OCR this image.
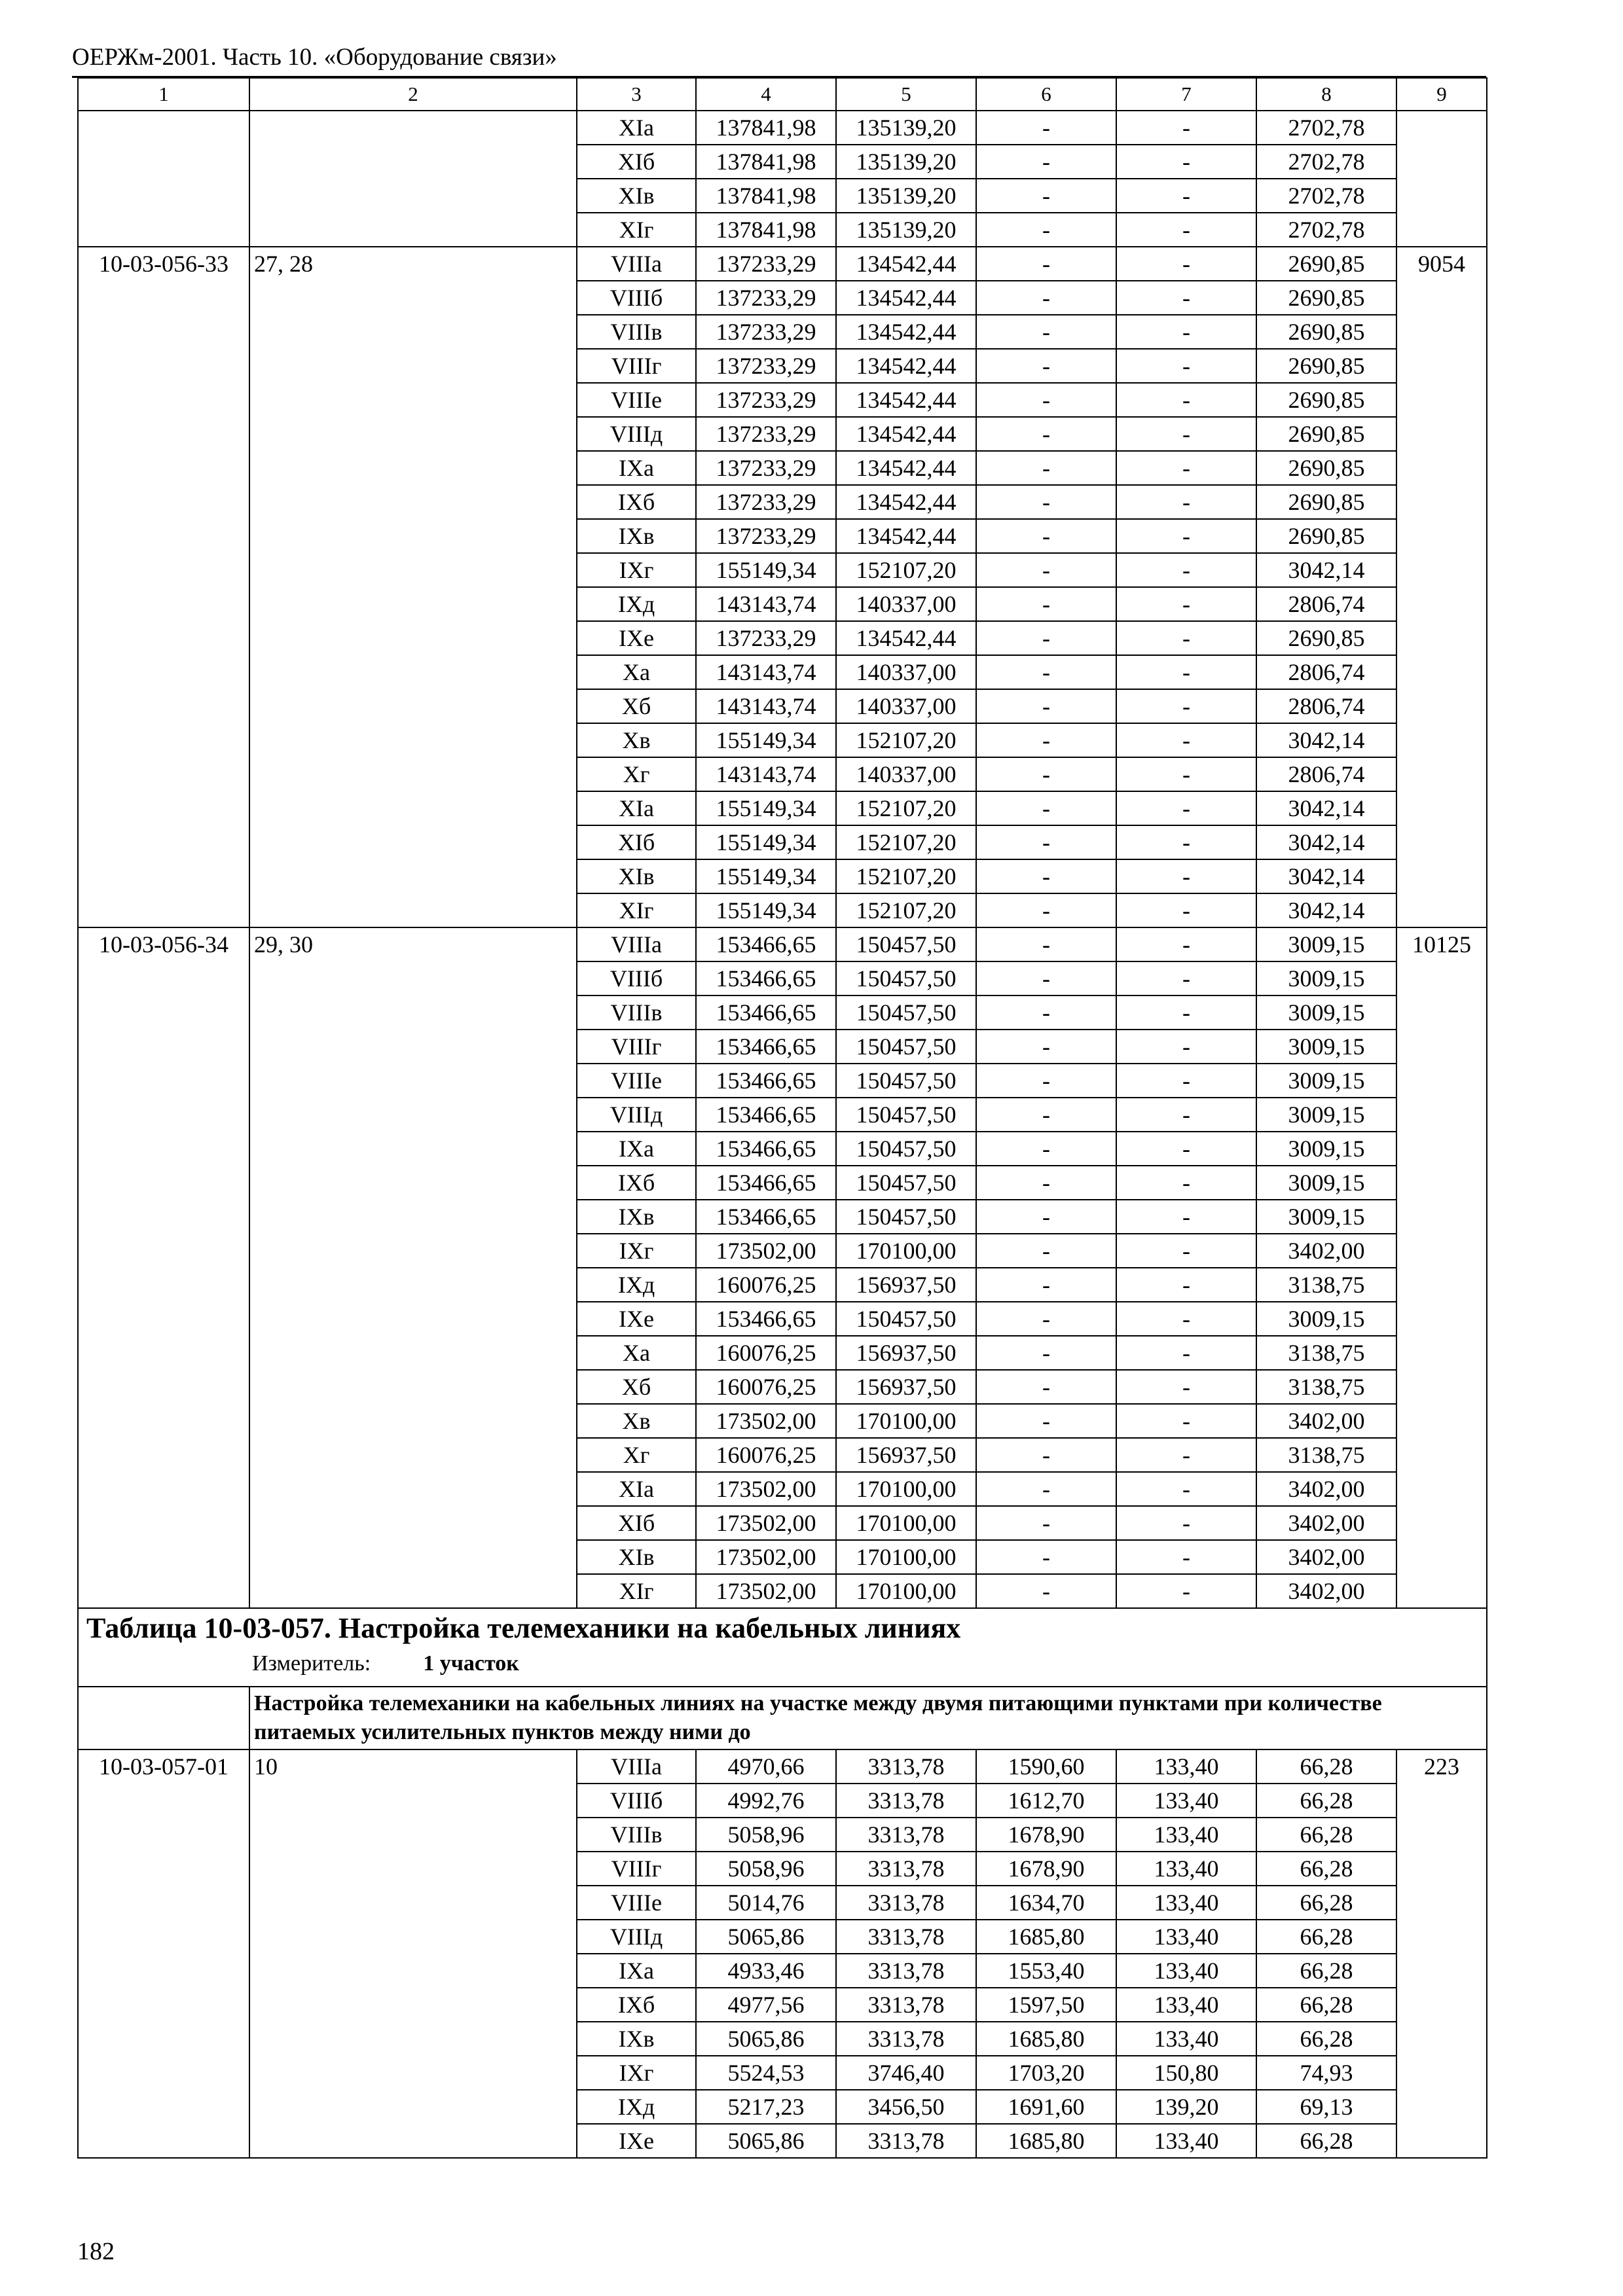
ОЕРЖм-2001. Часть 10. «Оборудование связи»
1	2	3	4	5	6	7	8	9
		XIa	137841,98	135139,20	-	-	2702,78	
		XIб	137841,98	135139,20	-	-	2702,78	
		XIв	137841,98	135139,20	-	-	2702,78	
		XIг	137841,98	135139,20	-	-	2702,78	
10-03-056-33	27, 28	VIIIa	137233,29	134542,44	-	-	2690,85	9054
		VIIIб	137233,29	134542,44	-	-	2690,85	
		VIIIв	137233,29	134542,44	-	-	2690,85	
		VIIIг	137233,29	134542,44	-	-	2690,85	
		VIIIe	137233,29	134542,44	-	-	2690,85	
		VIIIд	137233,29	134542,44	-	-	2690,85	
		IXa	137233,29	134542,44	-	-	2690,85	
		IXб	137233,29	134542,44	-	-	2690,85	
		IXв	137233,29	134542,44	-	-	2690,85	
		IXг	155149,34	152107,20	-	-	3042,14	
		IXд	143143,74	140337,00	-	-	2806,74	
		IXe	137233,29	134542,44	-	-	2690,85	
		Xa	143143,74	140337,00	-	-	2806,74	
		Xб	143143,74	140337,00	-	-	2806,74	
		Xв	155149,34	152107,20	-	-	3042,14	
		Xг	143143,74	140337,00	-	-	2806,74	
		XIa	155149,34	152107,20	-	-	3042,14	
		XIб	155149,34	152107,20	-	-	3042,14	
		XIв	155149,34	152107,20	-	-	3042,14	
		XIг	155149,34	152107,20	-	-	3042,14	
10-03-056-34	29, 30	VIIIa	153466,65	150457,50	-	-	3009,15	10125
		VIIIб	153466,65	150457,50	-	-	3009,15	
		VIIIв	153466,65	150457,50	-	-	3009,15	
		VIIIг	153466,65	150457,50	-	-	3009,15	
		VIIIe	153466,65	150457,50	-	-	3009,15	
		VIIIд	153466,65	150457,50	-	-	3009,15	
		IXa	153466,65	150457,50	-	-	3009,15	
		IXб	153466,65	150457,50	-	-	3009,15	
		IXв	153466,65	150457,50	-	-	3009,15	
		IXг	173502,00	170100,00	-	-	3402,00	
		IXд	160076,25	156937,50	-	-	3138,75	
		IXe	153466,65	150457,50	-	-	3009,15	
		Xa	160076,25	156937,50	-	-	3138,75	
		Xб	160076,25	156937,50	-	-	3138,75	
		Xв	173502,00	170100,00	-	-	3402,00	
		Xг	160076,25	156937,50	-	-	3138,75	
		XIa	173502,00	170100,00	-	-	3402,00	
		XIб	173502,00	170100,00	-	-	3402,00	
		XIв	173502,00	170100,00	-	-	3402,00	
		XIг	173502,00	170100,00	-	-	3402,00	

Таблица 10-03-057. Настройка телемеханики на кабельных линиях
Измеритель: 1 участок								

	Настройка телемеханики на кабельных линиях на участке между двумя питающими пунктами при количестве питаемых усилительных пунктов между ними до							
10-03-057-01	10	VIIIa	4970,66	3313,78	1590,60	133,40	66,28	223
		VIIIб	4992,76	3313,78	1612,70	133,40	66,28	
		VIIIв	5058,96	3313,78	1678,90	133,40	66,28	
		VIIIг	5058,96	3313,78	1678,90	133,40	66,28	
		VIIIe	5014,76	3313,78	1634,70	133,40	66,28	
		VIIIд	5065,86	3313,78	1685,80	133,40	66,28	
		IXa	4933,46	3313,78	1553,40	133,40	66,28	
		IXб	4977,56	3313,78	1597,50	133,40	66,28	
		IXв	5065,86	3313,78	1685,80	133,40	66,28	
		IXг	5524,53	3746,40	1703,20	150,80	74,93	
		IXд	5217,23	3456,50	1691,60	139,20	69,13	
		IXe	5065,86	3313,78	1685,80	133,40	66,28	
182
